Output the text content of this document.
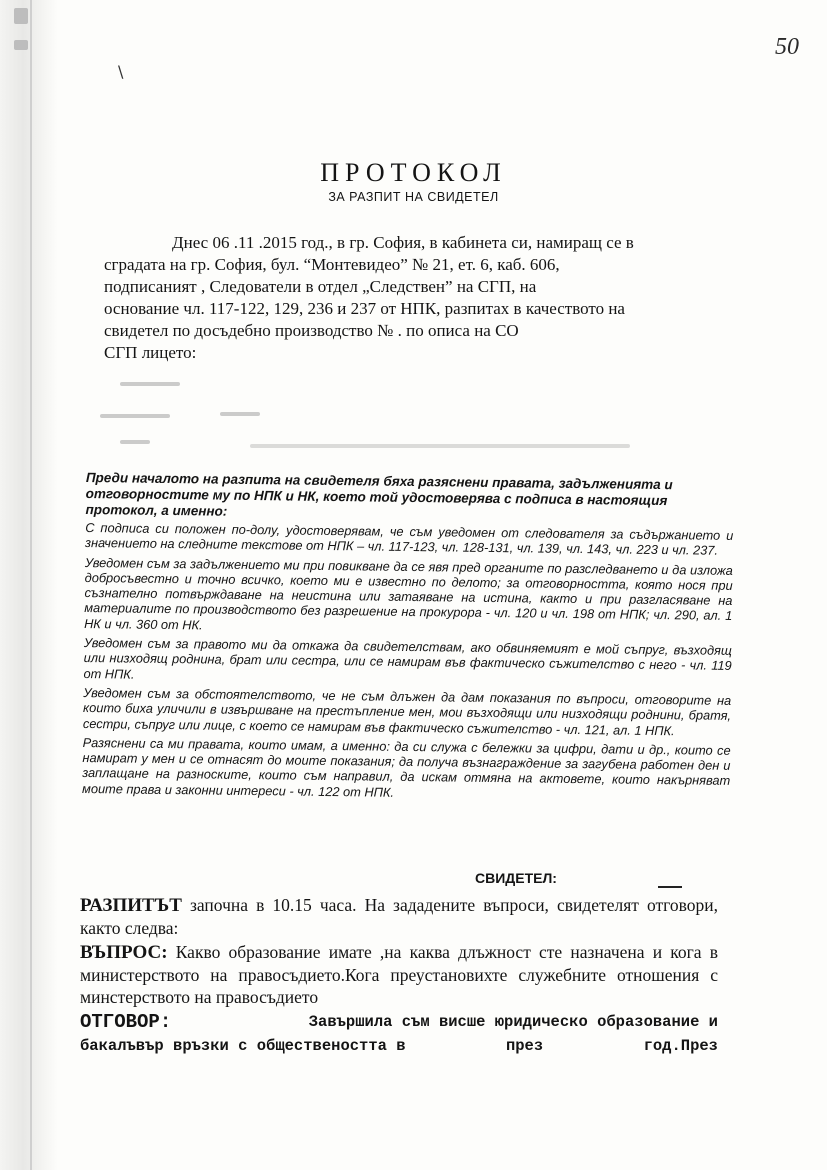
50
\
ПРОТОКОЛ
ЗА РАЗПИТ НА СВИДЕТЕЛ
Днес 06 .11 .2015 год., в гр. София, в кабинета си, намиращ се в
сградата на гр. София, бул. “Монтевидео” № 21, ет. 6, каб. 606,
подписаният , Следователи в отдел „Следствен” на СГП, на
основание чл. 117-122, 129, 236 и 237 от НПК, разпитах в качеството на
свидетел по досъдебно производство № . по описа на СО
СГП лицето:
Преди началото на разпита на свидетеля бяха разяснени правата, задълженията и отговорностите му по НПК и НК, което той удостоверява с подписа в настоящия протокол, а именно:

С подписа си положен по-долу, удостоверявам, че съм уведомен от следователя за съдържанието и значението на следните текстове от НПК – чл. 117-123, чл. 128-131, чл. 139, чл. 143, чл. 223 и чл. 237.

Уведомен съм за задължението ми при повикване да се явя пред органите по разследването и да изложа добросъвестно и точно всичко, което ми е известно по делото; за отговорността, която нося при съзнателно потвърждаване на неистина или затаяване на истина, както и при разгласяване на материалите по производството без разрешение на прокурора - чл. 120 и чл. 198 от НПК; чл. 290, ал. 1 НК и чл. 360 от НК.

Уведомен съм за правото ми да откажа да свидетелствам, ако обвиняемият е мой съпруг, възходящ или низходящ роднина, брат или сестра, или се намирам във фактическо съжителство с него - чл. 119 от НПК.

Уведомен съм за обстоятелството, че не съм длъжен да дам показания по въпроси, отговорите на които биха уличили в извършване на престъпление мен, мои възходящи или низходящи роднини, братя, сестри, съпруг или лице, с което се намирам във фактическо съжителство - чл. 121, ал. 1 НПК.

Разяснени са ми правата, които имам, а именно: да си служа с бележки за цифри, дати и др., които се намират у мен и се отнасят до моите показания; да получа възнаграждение за загубена работен ден и заплащане на разноските, които съм направил, да искам отмяна на актовете, които накърняват моите права и законни интереси - чл. 122 от НПК.

СВИДЕТЕЛ:

РАЗПИТЪТ започна в 10.15 часа. На зададените въпроси, свидетелят отговори, както следва:

ВЪПРОС: Какво образование имате ,на каква длъжност сте назначена и кога в министерството на правосъдието.Кога преустановихте служебните отношения с минстерството на правосъдието

ОТГОВОР:	Завършила съм висше юридическо образование и
бакалъвър връзки с обществеността в	през	год.През
